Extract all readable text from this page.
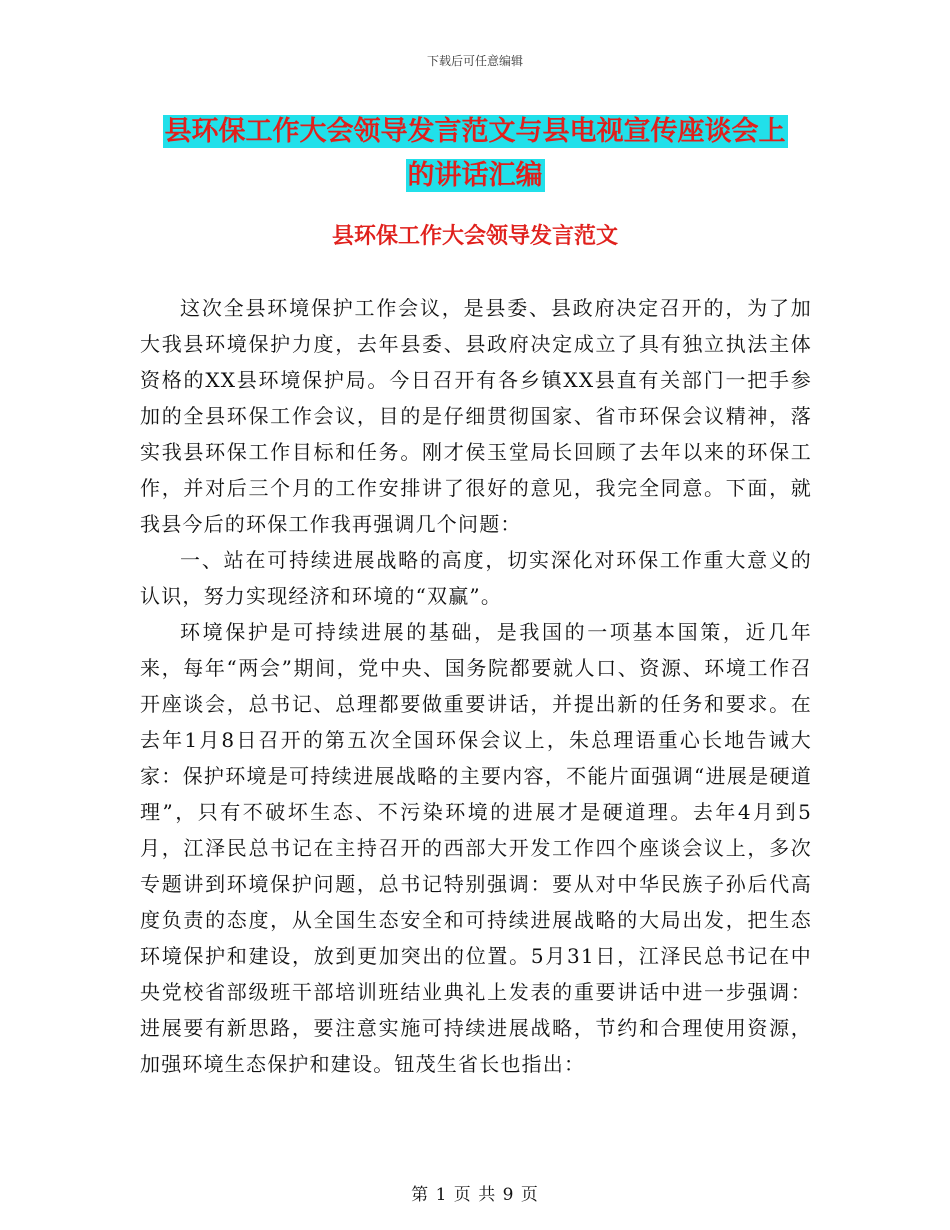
下载后可任意编辑
县环保工作大会领导发言范文与县电视宣传座谈会上
的讲话汇编
县环保工作大会领导发言范文

这次全县环境保护工作会议，是县委、县政府决定召开的，为了加大我县环境保护力度，去年县委、县政府决定成立了具有独立执法主体资格的XX县环境保护局。今日召开有各乡镇XX县直有关部门一把手参加的全县环保工作会议，目的是仔细贯彻国家、省市环保会议精神，落实我县环保工作目标和任务。刚才侯玉堂局长回顾了去年以来的环保工作，并对后三个月的工作安排讲了很好的意见，我完全同意。下面，就我县今后的环保工作我再强调几个问题：

一、站在可持续进展战略的高度，切实深化对环保工作重大意义的认识，努力实现经济和环境的“双赢”。

环境保护是可持续进展的基础，是我国的一项基本国策，近几年来，每年“两会”期间，党中央、国务院都要就人口、资源、环境工作召开座谈会，总书记、总理都要做重要讲话，并提出新的任务和要求。在去年1月8日召开的第五次全国环保会议上，朱总理语重心长地告诫大家：保护环境是可持续进展战略的主要内容，不能片面强调“进展是硬道理”，只有不破坏生态、不污染环境的进展才是硬道理。去年4月到5月，江泽民总书记在主持召开的西部大开发工作四个座谈会议上，多次专题讲到环境保护问题，总书记特别强调：要从对中华民族子孙后代高度负责的态度，从全国生态安全和可持续进展战略的大局出发，把生态环境保护和建设，放到更加突出的位置。5月31日，江泽民总书记在中央党校省部级班干部培训班结业典礼上发表的重要讲话中进一步强调：进展要有新思路，要注意实施可持续进展战略，节约和合理使用资源，加强环境生态保护和建设。钮茂生省长也指出：

第 1 页 共 9 页
